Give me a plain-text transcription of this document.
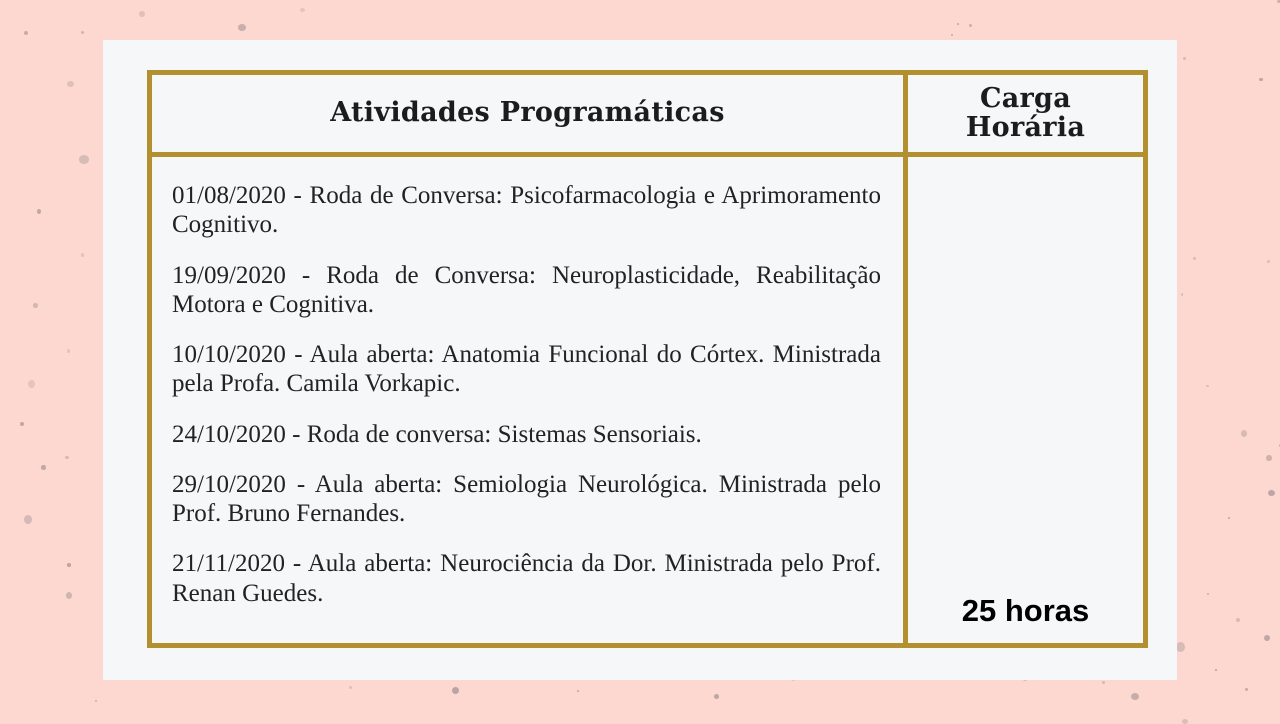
Atividades Programáticas	Carga Horária

01/08/2020 - Roda de Conversa: Psicofarmacologia e Aprimoramento Cognitivo.

19/09/2020 - Roda de Conversa: Neuroplasticidade, Reabilitação Motora e Cognitiva.

10/10/2020 - Aula aberta: Anatomia Funcional do Córtex. Ministrada pela Profa. Camila Vorkapic.

24/10/2020 - Roda de conversa: Sistemas Sensoriais.

29/10/2020 - Aula aberta: Semiologia Neurológica. Ministrada pelo Prof. Bruno Fernandes.

21/11/2020 - Aula aberta: Neurociência da Dor. Ministrada pelo Prof. Renan Guedes.	25 horas
